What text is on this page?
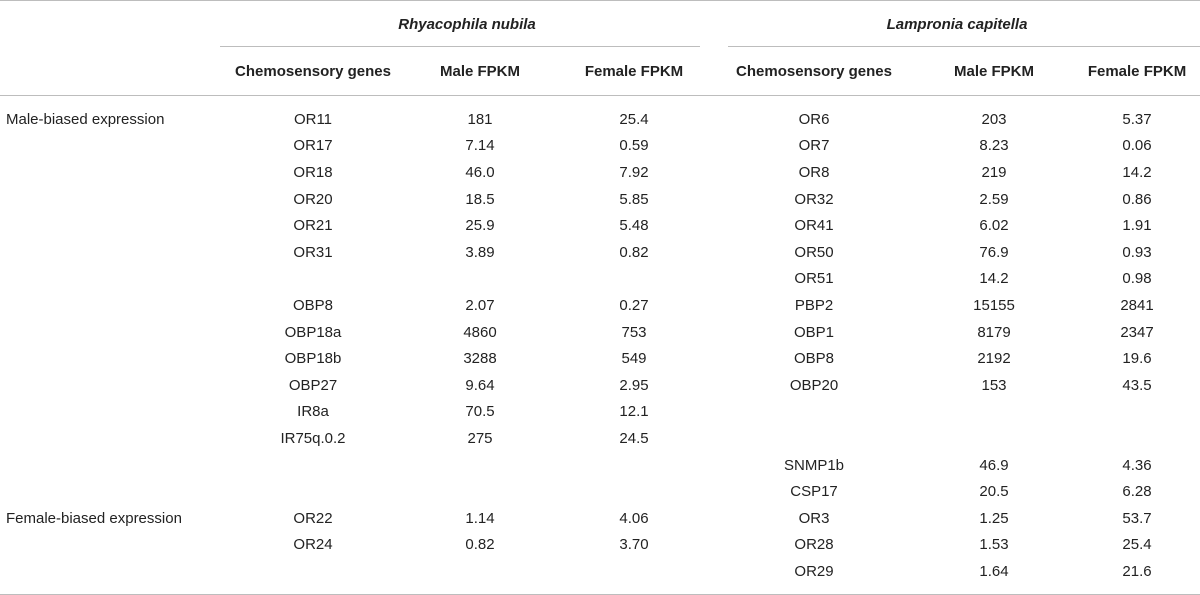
	Rhyacophila nubila			Lampronia capitella		

	Chemosensory genes	Male FPKM	Female FPKM	Chemosensory genes	Male FPKM	Female FPKM

Male-biased expression	OR11	181	25.4	OR6	203	5.37
	OR17	7.14	0.59	OR7	8.23	0.06
	OR18	46.0	7.92	OR8	219	14.2
	OR20	18.5	5.85	OR32	2.59	0.86
	OR21	25.9	5.48	OR41	6.02	1.91
	OR31	3.89	0.82	OR50	76.9	0.93
				OR51	14.2	0.98
	OBP8	2.07	0.27	PBP2	15155	2841
	OBP18a	4860	753	OBP1	8179	2347
	OBP18b	3288	549	OBP8	2192	19.6
	OBP27	9.64	2.95	OBP20	153	43.5
	IR8a	70.5	12.1			
	IR75q.0.2	275	24.5			
				SNMP1b	46.9	4.36
				CSP17	20.5	6.28
Female-biased expression	OR22	1.14	4.06	OR3	1.25	53.7
	OR24	0.82	3.70	OR28	1.53	25.4
				OR29	1.64	21.6
